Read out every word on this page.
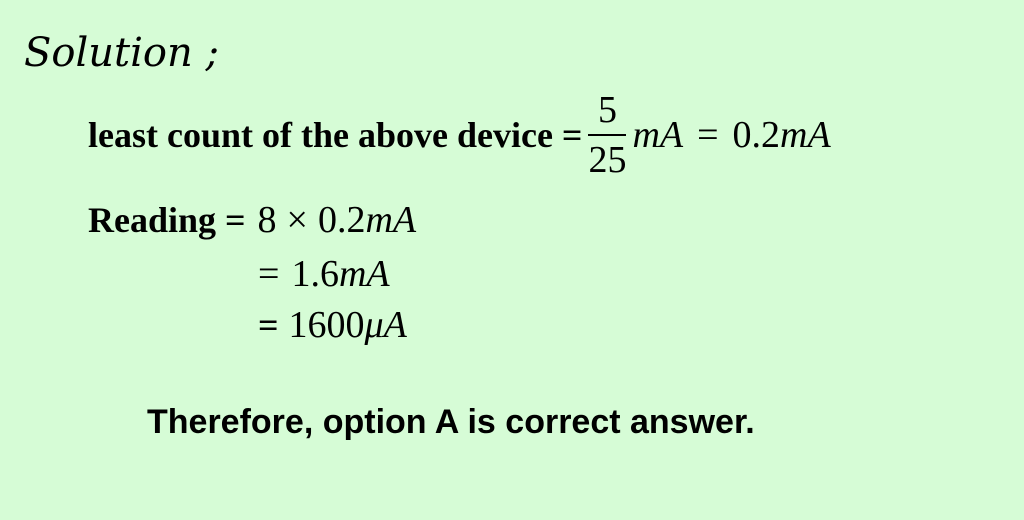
Solution ;
least count of the above device = $\frac{5}{25}$ mA = 0.2 mA
Reading = 8 × 0.2mA
= 1.6mA
= 1600μA
Therefore, option A is correct answer.
